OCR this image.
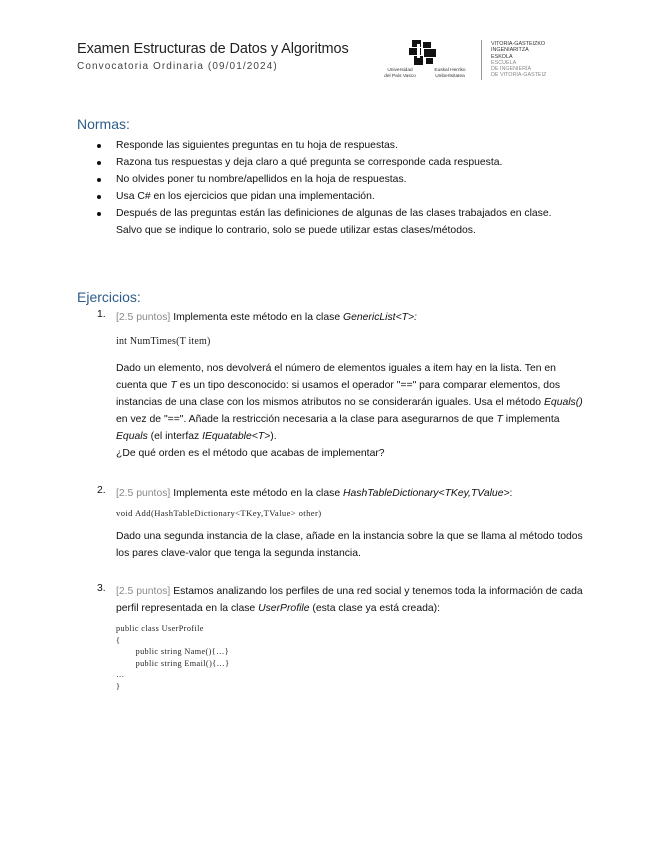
Examen Estructuras de Datos y Algoritmos
Convocatoria Ordinaria (09/01/2024)	Universidad
del País Vasco
Euskal Herriko
Unibertsitatea
VITORIA-GASTEIZKO
INGENIARITZA
ESKOLA
ESCUELA
DE INGENIERÍA
DE VITORIA-GASTEIZ
Normas:
Responde las siguientes preguntas en tu hoja de respuestas.
Razona tus respuestas y deja claro a qué pregunta se corresponde cada respuesta.
No olvides poner tu nombre/apellidos en la hoja de respuestas.
Usa C# en los ejercicios que pidan una implementación.
Después de las preguntas están las definiciones de algunas de las clases trabajados en clase. Salvo que se indique lo contrario, solo se puede utilizar estas clases/métodos.
Ejercicios:
1. [2.5 puntos] Implementa este método en la clase GenericList<T>:
int NumTimes(T item)
Dado un elemento, nos devolverá el número de elementos iguales a item hay en la lista. Ten en cuenta que T es un tipo desconocido: si usamos el operador "==" para comparar elementos, dos instancias de una clase con los mismos atributos no se considerarán iguales. Usa el método Equals() en vez de "==". Añade la restricción necesaria a la clase para asegurarnos de que T implementa Equals (el interfaz IEquatable<T>).
¿De qué orden es el método que acabas de implementar?
2. [2.5 puntos] Implementa este método en la clase HashTableDictionary<TKey,TValue>:
void Add(HashTableDictionary<TKey,TValue> other)
Dado una segunda instancia de la clase, añade en la instancia sobre la que se llama al método todos los pares clave-valor que tenga la segunda instancia.
3. [2.5 puntos] Estamos analizando los perfiles de una red social y tenemos toda la información de cada perfil representada en la clase UserProfile (esta clase ya está creada):
public class UserProfile
{
public string Name(){…}
public string Email(){…}
…
}
